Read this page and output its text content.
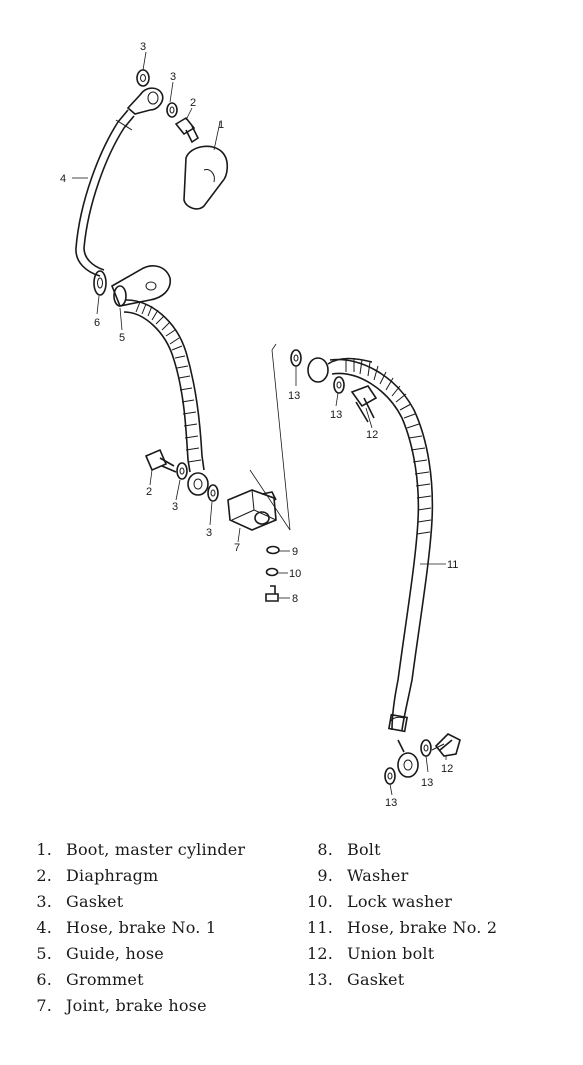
3
3
2
1
4
6
5
13
13
12
2
3
3
7	9
10
8
11
13
13
12
1. Boot, master cylinder
2. Diaphragm
3. Gasket
4. Hose, brake No. 1
5. Guide, hose
6. Grommet
7. Joint, brake hose
8. Bolt
9. Washer
10. Lock washer
11. Hose, brake No. 2
12. Union bolt
13. Gasket
